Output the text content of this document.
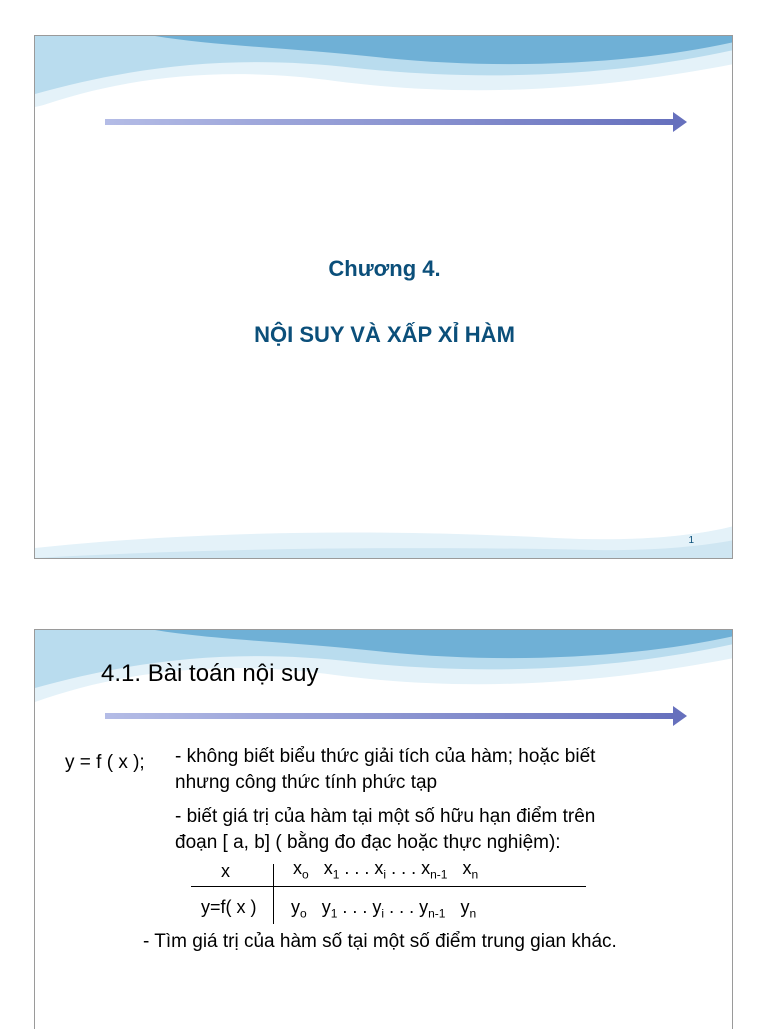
Chương 4.
NỘI SUY VÀ XẤP XỈ HÀM
1
4.1. Bài toán nội suy
y = f ( x ); - không biết biểu thức giải tích của hàm; hoặc biết
nhưng công thức tính phức tạp
- biết giá trị của hàm tại một số hữu hạn điểm trên
đoạn [ a, b] ( bằng đo đạc hoặc thực nghiệm):
x	$x_o$ $x_1$ . . . $x_i$ . . . $x_{n-1}$ $x_n$
y=f( x ) $y_o$ $y_1$ . . . $y_i$ . . . $y_{n-1}$ $y_n$
- Tìm giá trị của hàm số tại một số điểm trung gian khác.
